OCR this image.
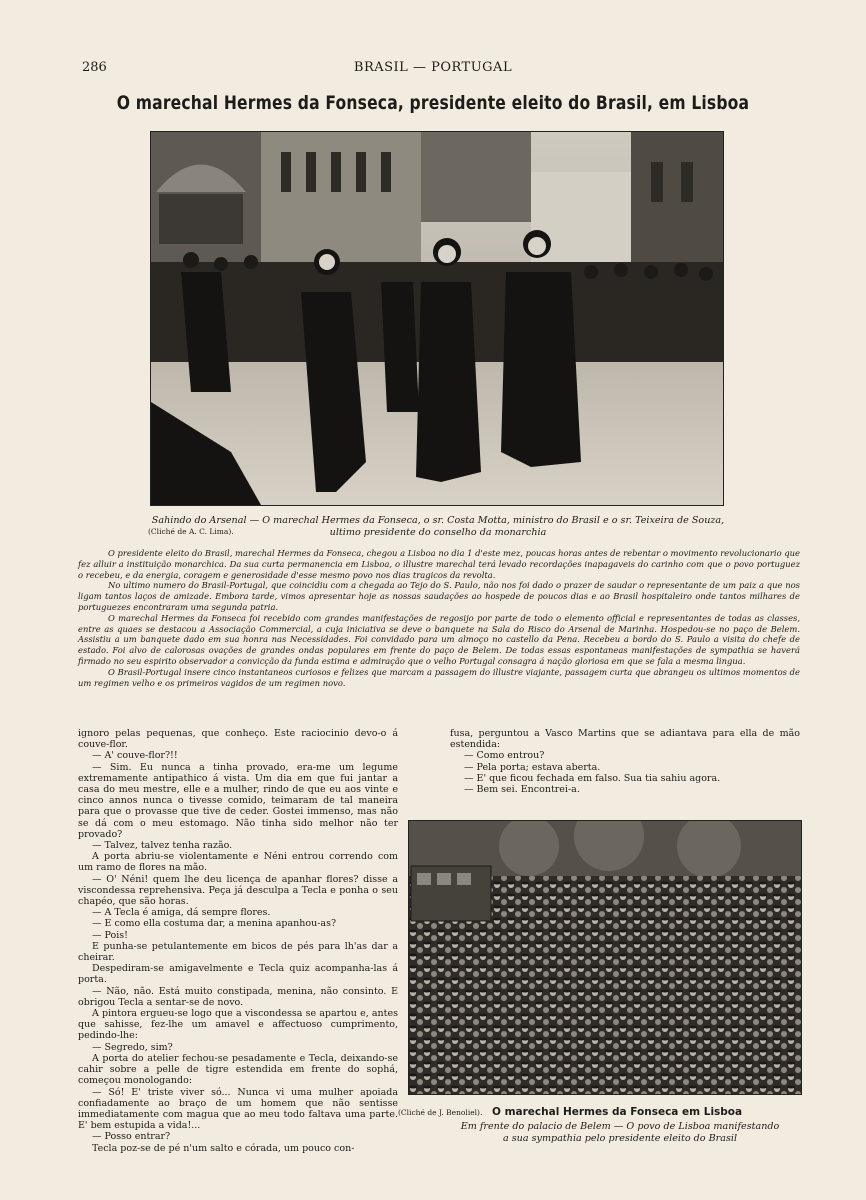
286	BRASIL — PORTUGAL
O marechal Hermes da Fonseca, presidente eleito do Brasil, em Lisboa
Sahindo do Arsenal — O marechal Hermes da Fonseca, o sr. Costa Motta, ministro do Brasil e o sr. Teixeira de Souza,
ultimo presidente do conselho da monarchia
(Cliché de A. C. Lima).

O presidente eleito do Brasil, marechal Hermes da Fonseca, chegou a Lisboa no dia 1 d'este mez, poucas horas antes de rebentar o movimento revolucionario que fez alluir a instituição monarchica. Da sua curta permanencia em Lisboa, o illustre marechal terá levado recordações inapagaveis do carinho com que o povo portuguez o recebeu, e da energia, coragem e generosidade d'esse mesmo povo nos dias tragicos da revolta.

No ultimo numero do Brasil-Portugal, que coincidiu com a chegada ao Tejo do S. Paulo, não nos foi dado o prazer de saudar o representante de um paiz a que nos ligam tantos laços de amizade. Embora tarde, vimos apresentar hoje as nossas saudações ao hospede de poucos dias e ao Brasil hospitaleiro onde tantos milhares de portuguezes encontraram uma segunda patria.

O marechal Hermes da Fonseca foi recebido com grandes manifestações de regosijo por parte de todo o elemento official e representantes de todas as classes, entre as quaes se destacou a Associação Commercial, a cuja iniciativa se deve o banquete na Sala do Risco do Arsenal de Marinha. Hospedou-se no paço de Belem. Assistiu a um banquete dado em sua honra nas Necessidades. Foi convidado para um almoço no castello da Pena. Recebeu a bordo do S. Paulo a visita do chefe de estado. Foi alvo de calorosas ovações de grandes ondas populares em frente do paço de Belem. De todas essas espontaneas manifestações de sympathia se haverá firmado no seu espirito observador a convicção da funda estima e admiração que o velho Portugal consagra á nação gloriosa em que se fala a mesma lingua.

O Brasil-Portugal insere cinco instantaneos curiosos e felizes que marcam a passagem do illustre viajante, passagem curta que abrangeu os ultimos momentos de um regimen velho e os primeiros vagidos de um regimen novo.

ignoro pelas pequenas, que conheço. Este raciocinio devo-o á couve-flor.

— A' couve-flor?!!

— Sim. Eu nunca a tinha provado, era-me um legume extremamente antipathico á vista. Um dia em que fui jantar a casa do meu mestre, elle e a mulher, rindo de que eu aos vinte e cinco annos nunca o tivesse comido, teimaram de tal maneira para que o provasse que tive de ceder. Gostei immenso, mas não se dá com o meu estomago. Não tinha sido melhor não ter provado?

— Talvez, talvez tenha razão.

A porta abriu-se violentamente e Néni entrou correndo com um ramo de flores na mão.

— O' Néni! quem lhe deu licença de apanhar flores? disse a viscondessa reprehensiva. Peça já desculpa a Tecla e ponha o seu chapéo, que são horas.

— A Tecla é amiga, dá sempre flores.

— E como ella costuma dar, a menina apanhou-as?

— Pois!

E punha-se petulantemente em bicos de pés para lh'as dar a cheirar.

Despediram-se amigavelmente e Tecla quiz acompanha-las á porta.

— Não, não. Está muito constipada, menina, não consinto. E obrigou Tecla a sentar-se de novo.

A pintora ergueu-se logo que a viscondessa se apartou e, antes que sahisse, fez-lhe um amavel e affectuoso cumprimento, pedindo-lhe:

— Segredo, sim?

A porta do atelier fechou-se pesadamente e Tecla, deixando-se cahir sobre a pelle de tigre estendida em frente do sophá, começou monologando:

— Só! E' triste viver só... Nunca vi uma mulher apoiada confiadamente ao braço de um homem que não sentisse immediatamente com magua que ao meu todo faltava uma parte. E' bem estupida a vida!...

— Posso entrar?

Tecla poz-se de pé n'um salto e córada, um pouco con-

fusa, perguntou a Vasco Martins que se adiantava para ella de mão estendida:

— Como entrou?

— Pela porta; estava aberta.

— E' que ficou fechada em falso. Sua tia sahiu agora.

— Bem sei. Encontrei-a.

(Cliché de J. Benoliel). O marechal Hermes da Fonseca em Lisboa
Em frente do palacio de Belem — O povo de Lisboa manifestando
a sua sympathia pelo presidente eleito do Brasil
